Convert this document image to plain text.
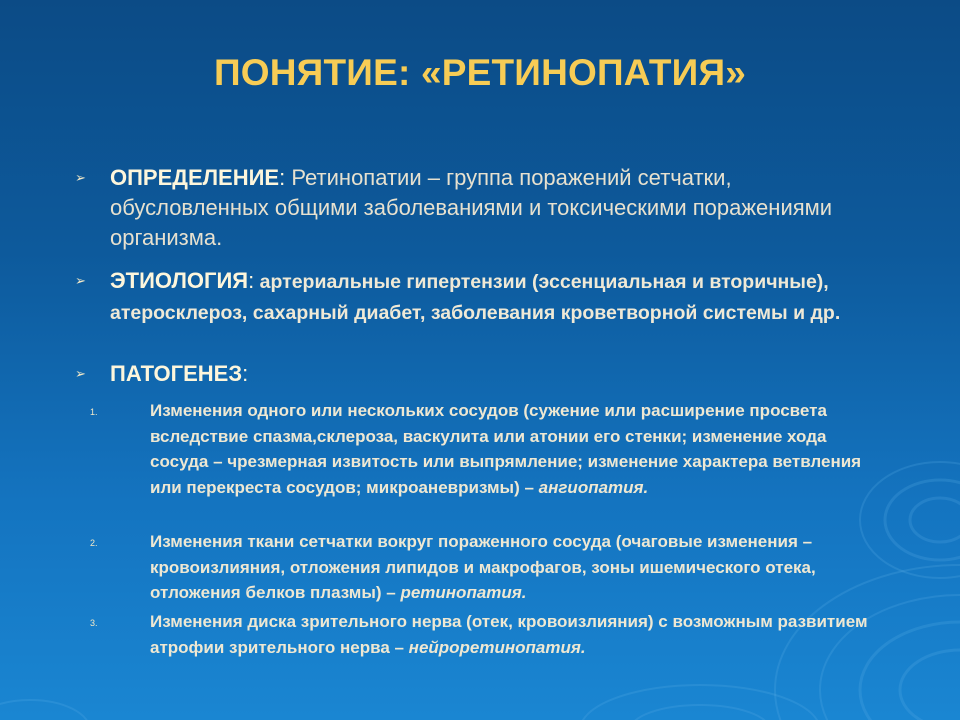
ПОНЯТИЕ: «РЕТИНОПАТИЯ»
➢ ОПРЕДЕЛЕНИЕ: Ретинопатии – группа поражений сетчатки, обусловленных общими заболеваниями и токсическими поражениями организма.
➢ ЭТИОЛОГИЯ: артериальные гипертензии (эссенциальная и вторичные), атеросклероз, сахарный диабет, заболевания кроветворной системы и др.
➢ ПАТОГЕНЕЗ:
1.	Изменения одного или нескольких сосудов (сужение или расширение просвета вследствие спазма,склероза, васкулита или атонии его стенки; изменение хода сосуда – чрезмерная извитость или выпрямление; изменение характера ветвления или перекреста сосудов; микроаневризмы) – ангиопатия.
2.	Изменения ткани сетчатки вокруг пораженного сосуда (очаговые изменения – кровоизлияния, отложения липидов и макрофагов, зоны ишемического отека, отложения белков плазмы) – ретинопатия.
3.	Изменения диска зрительного нерва (отек, кровоизлияния) с возможным развитием атрофии зрительного нерва – нейроретинопатия.
